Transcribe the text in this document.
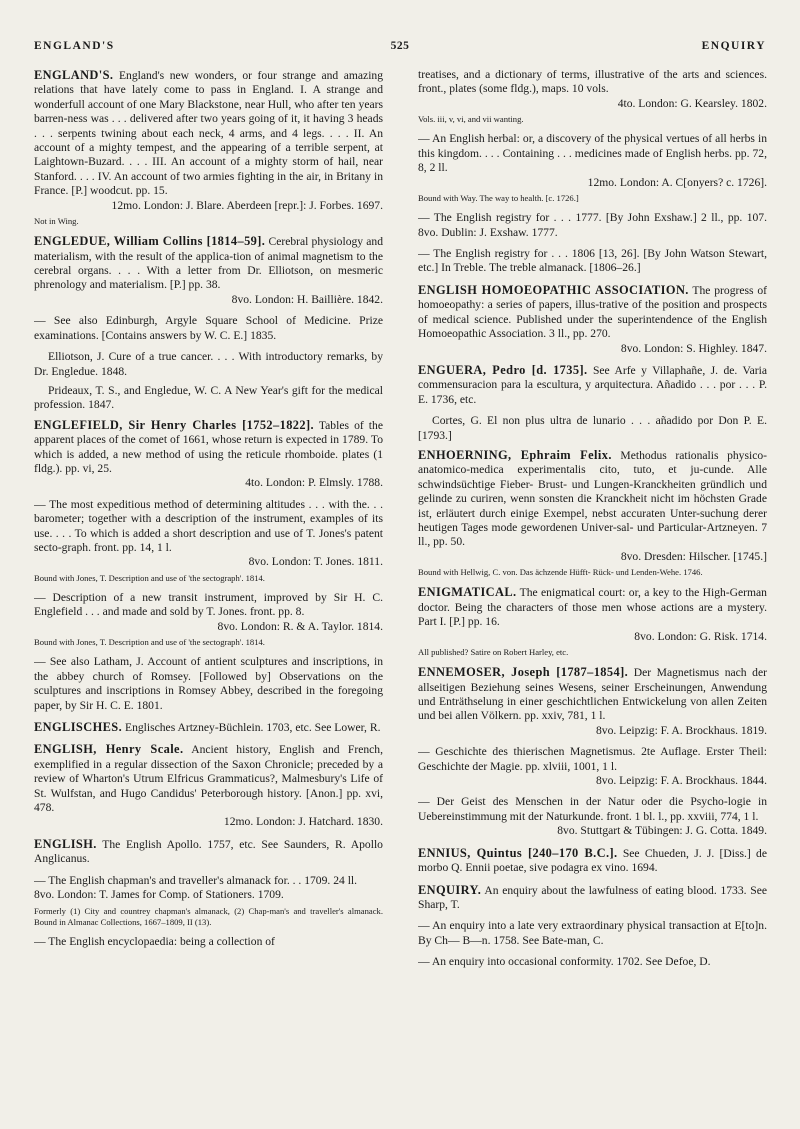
ENGLAND'S	525	ENQUIRY
ENGLAND'S. England's new wonders, or four strange and amazing relations that have lately come to pass in England. I. A strange and wonderfull account of one Mary Blackstone, near Hull, who after ten years barren-ness was . . . delivered after two years going of it, it having 3 heads . . . serpents twining about each neck, 4 arms, and 4 legs. . . . II. An account of a mighty tempest, and the appearing of a terrible serpent, at Laightown-Buzard. . . . III. An account of a mighty storm of hail, near Stanford. . . . IV. An account of two armies fighting in the air, in Britany in France. [P.] woodcut. pp. 15.
12mo. London: J. Blare. Aberdeen [repr.]: J. Forbes. 1697.
Not in Wing.
ENGLEDUE, William Collins [1814–59]. Cerebral physiology and materialism, with the result of the applica-tion of animal magnetism to the cerebral organs. . . . With a letter from Dr. Elliotson, on mesmeric phrenology and materialism. [P.] pp. 38.
8vo. London: H. Baillière. 1842.
— See also Edinburgh, Argyle Square School of Medicine. Prize examinations. [Contains answers by W. C. E.] 1835.
Elliotson, J. Cure of a true cancer. . . . With introductory remarks, by Dr. Engledue. 1848.
Prideaux, T. S., and Engledue, W. C. A New Year's gift for the medical profession. 1847.
ENGLEFIELD, Sir Henry Charles [1752–1822]. Tables of the apparent places of the comet of 1661, whose return is expected in 1789. To which is added, a new method of using the reticule rhomboide. plates (1 fldg.). pp. vi, 25.
4to. London: P. Elmsly. 1788.
— The most expeditious method of determining altitudes . . . with the. . . barometer; together with a description of the instrument, examples of its use. . . . To which is added a short description and use of T. Jones's patent secto-graph. front. pp. 14, 1 l.
8vo. London: T. Jones. 1811.
Bound with Jones, T. Description and use of 'the sectograph'. 1814.
— Description of a new transit instrument, improved by Sir H. C. Englefield . . . and made and sold by T. Jones. front. pp. 8.
8vo. London: R. & A. Taylor. 1814.
Bound with Jones, T. Description and use of 'the sectograph'. 1814.
— See also Latham, J. Account of antient sculptures and inscriptions, in the abbey church of Romsey. [Followed by] Observations on the sculptures and inscriptions in Romsey Abbey, described in the foregoing paper, by Sir H. C. E. 1801.
ENGLISCHES. Englisches Artzney-Büchlein. 1703, etc. See Lower, R.
ENGLISH, Henry Scale. Ancient history, English and French, exemplified in a regular dissection of the Saxon Chronicle; preceded by a review of Wharton's Utrum Elfricus Grammaticus?, Malmesbury's Life of St. Wulfstan, and Hugo Candidus' Peterborough history. [Anon.] pp. xvi, 478.
12mo. London: J. Hatchard. 1830.
ENGLISH. The English Apollo. 1757, etc. See Saunders, R. Apollo Anglicanus.
— The English chapman's and traveller's almanack for. . . 1709. 24 ll.
8vo. London: T. James for Comp. of Stationers. 1709.
Formerly (1) City and countrey chapman's almanack, (2) Chap-man's and traveller's almanack. Bound in Almanac Collections, 1667–1809, II (13).
— The English encyclopaedia: being a collection of
treatises, and a dictionary of terms, illustrative of the arts and sciences. front., plates (some fldg.), maps. 10 vols.
4to. London: G. Kearsley. 1802.
Vols. iii, v, vi, and vii wanting.
— An English herbal: or, a discovery of the physical vertues of all herbs in this kingdom. . . . Containing . . . medicines made of English herbs. pp. 72, 8, 2 ll.
12mo. London: A. C[onyers? c. 1726].
Bound with Way. The way to health. [c. 1726.]
— The English registry for . . . 1777. [By John Exshaw.] 2 ll., pp. 107. 8vo. Dublin: J. Exshaw. 1777.
— The English registry for . . . 1806 [13, 26]. [By John Watson Stewart, etc.] In Treble. The treble almanack. [1806–26.]
ENGLISH HOMOEOPATHIC ASSOCIATION. The progress of homoeopathy: a series of papers, illus-trative of the position and prospects of medical science. Published under the superintendence of the English Homoeopathic Association. 3 ll., pp. 270.
8vo. London: S. Highley. 1847.
ENGUERA, Pedro [d. 1735]. See Arfe y Villaphañe, J. de. Varia commensuracion para la escultura, y arquitectura. Añadido . . . por . . . P. E. 1736, etc.
Cortes, G. El non plus ultra de lunario . . . añadido por Don P. E. [1793.]
ENHOERNING, Ephraim Felix. Methodus rationalis physico-anatomico-medica experimentalis cito, tuto, et ju-cunde. Alle schwindsüchtige Fieber- Brust- und Lungen-Kranckheiten gründlich und gelinde zu curiren, wenn sonsten die Kranckheit nicht im höchsten Grade ist, erläutert durch einige Exempel, nebst accuraten Unter-suchung derer heutigen Tages mode gewordenen Univer-sal- und Particular-Artzneyen. 7 ll., pp. 50.
8vo. Dresden: Hilscher. [1745.]
Bound with Hellwig, C. von. Das ächzende Hüfft- Rück- und Lenden-Wehe. 1746.
ENIGMATICAL. The enigmatical court: or, a key to the High-German doctor. Being the characters of those men whose actions are a mystery. Part I. [P.] pp. 16.
8vo. London: G. Risk. 1714.
All published? Satire on Robert Harley, etc.
ENNEMOSER, Joseph [1787–1854]. Der Magnetismus nach der allseitigen Beziehung seines Wesens, seiner Erscheinungen, Anwendung und Enträthselung in einer geschichtlichen Entwickelung von allen Zeiten und bei allen Völkern. pp. xxiv, 781, 1 l.
8vo. Leipzig: F. A. Brockhaus. 1819.
— Geschichte des thierischen Magnetismus. 2te Auflage. Erster Theil: Geschichte der Magie. pp. xlviii, 1001, 1 l.
8vo. Leipzig: F. A. Brockhaus. 1844.
— Der Geist des Menschen in der Natur oder die Psycho-logie in Uebereinstimmung mit der Naturkunde. front. 1 bl. l., pp. xxviii, 774, 1 l.
8vo. Stuttgart & Tübingen: J. G. Cotta. 1849.
ENNIUS, Quintus [240–170 B.C.]. See Chueden, J. J. [Diss.] de morbo Q. Ennii poetae, sive podagra ex vino. 1694.
ENQUIRY. An enquiry about the lawfulness of eating blood. 1733. See Sharp, T.
— An enquiry into a late very extraordinary physical transaction at E[to]n. By Ch— B—n. 1758. See Bate-man, C.
— An enquiry into occasional conformity. 1702. See Defoe, D.
